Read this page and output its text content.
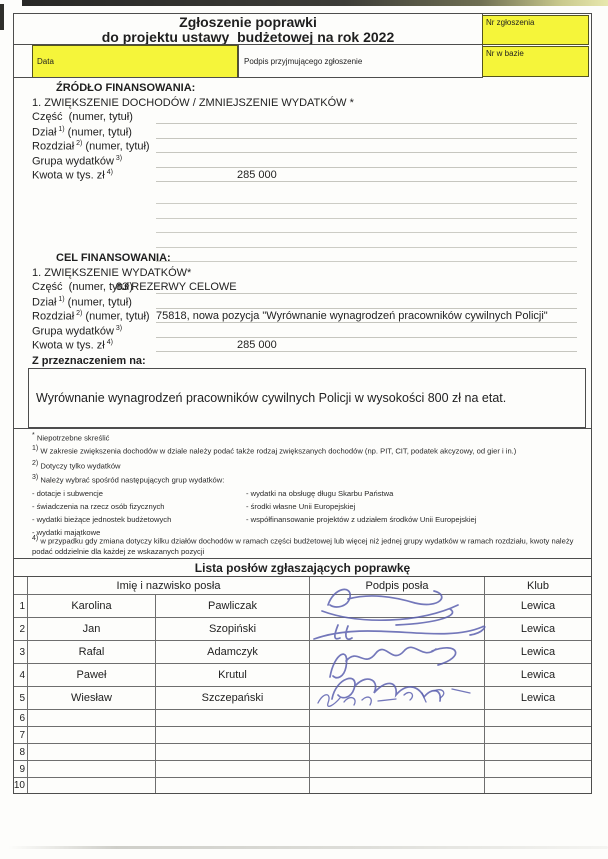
Zgłoszenie poprawki
do projektu ustawy  budżetowej na rok 2022
Data	Podpis przyjmującego zgłoszenie
Nr zgłoszenia
Nr w bazie
ŹRÓDŁO FINANSOWANIA:
1. ZWIĘKSZENIE DOCHODÓW / ZMNIEJSZENIE WYDATKÓW *
Część  (numer, tytuł)
Dział $^{1)}$ (numer, tytuł)
Rozdział $^{2)}$ (numer, tytuł)
Grupa wydatków $^{3)}$
Kwota w tys. zł $^{4)}$	285 000
CEL FINANSOWANIA:
1. ZWIĘKSZENIE WYDATKÓW*
Część  (numer, tytuł)
83 REZERWY CELOWE
Dział $^{1)}$ (numer, tytuł)
Rozdział $^{2)}$ (numer, tytuł) 75818, nowa pozycja "Wyrównanie wynagrodzeń pracowników cywilnych Policji"
Grupa wydatków $^{3)}$
Kwota w tys. zł $^{4)}$	285 000
Z przeznaczeniem na:
Wyrównanie wynagrodzeń pracowników cywilnych Policji w wysokości 800 zł na etat.
* Niepotrzebne skreślić
$^{1)}$ W zakresie zwiększenia dochodów w dziale należy podać także rodzaj zwiększanych dochodów (np. PIT, CIT, podatek akcyzowy, od gier i in.)
$^{2)}$ Dotyczy tylko wydatków
$^{3)}$ Należy wybrać spośród następujących grup wydatków:
- dotacje i subwencje
- świadczenia na rzecz osób fizycznych
- wydatki bieżące jednostek budżetowych
- wydatki majątkowe
- wydatki na obsługę długu Skarbu Państwa
- środki własne Unii Europejskiej
- współfinansowanie projektów z udziałem środków Unii Europejskiej
$^{4)}$ w przypadku gdy zmiana dotyczy kilku działów dochodów w ramach części budżetowej lub więcej niż jednej grupy wydatków w ramach rozdziału, kwoty należy podać oddzielnie dla każdej ze wskazanych pozycji
Lista posłów zgłaszających poprawkę
Imię i nazwisko posła	Podpis posła	Klub
1	Karolina	Pawliczak	Lewica
2	Jan	Szopiński	Lewica
3	Rafal	Adamczyk	Lewica
4	Paweł	Krutul	Lewica
5	Wiesław	Szczepański	Lewica
6
7
8
9
10
